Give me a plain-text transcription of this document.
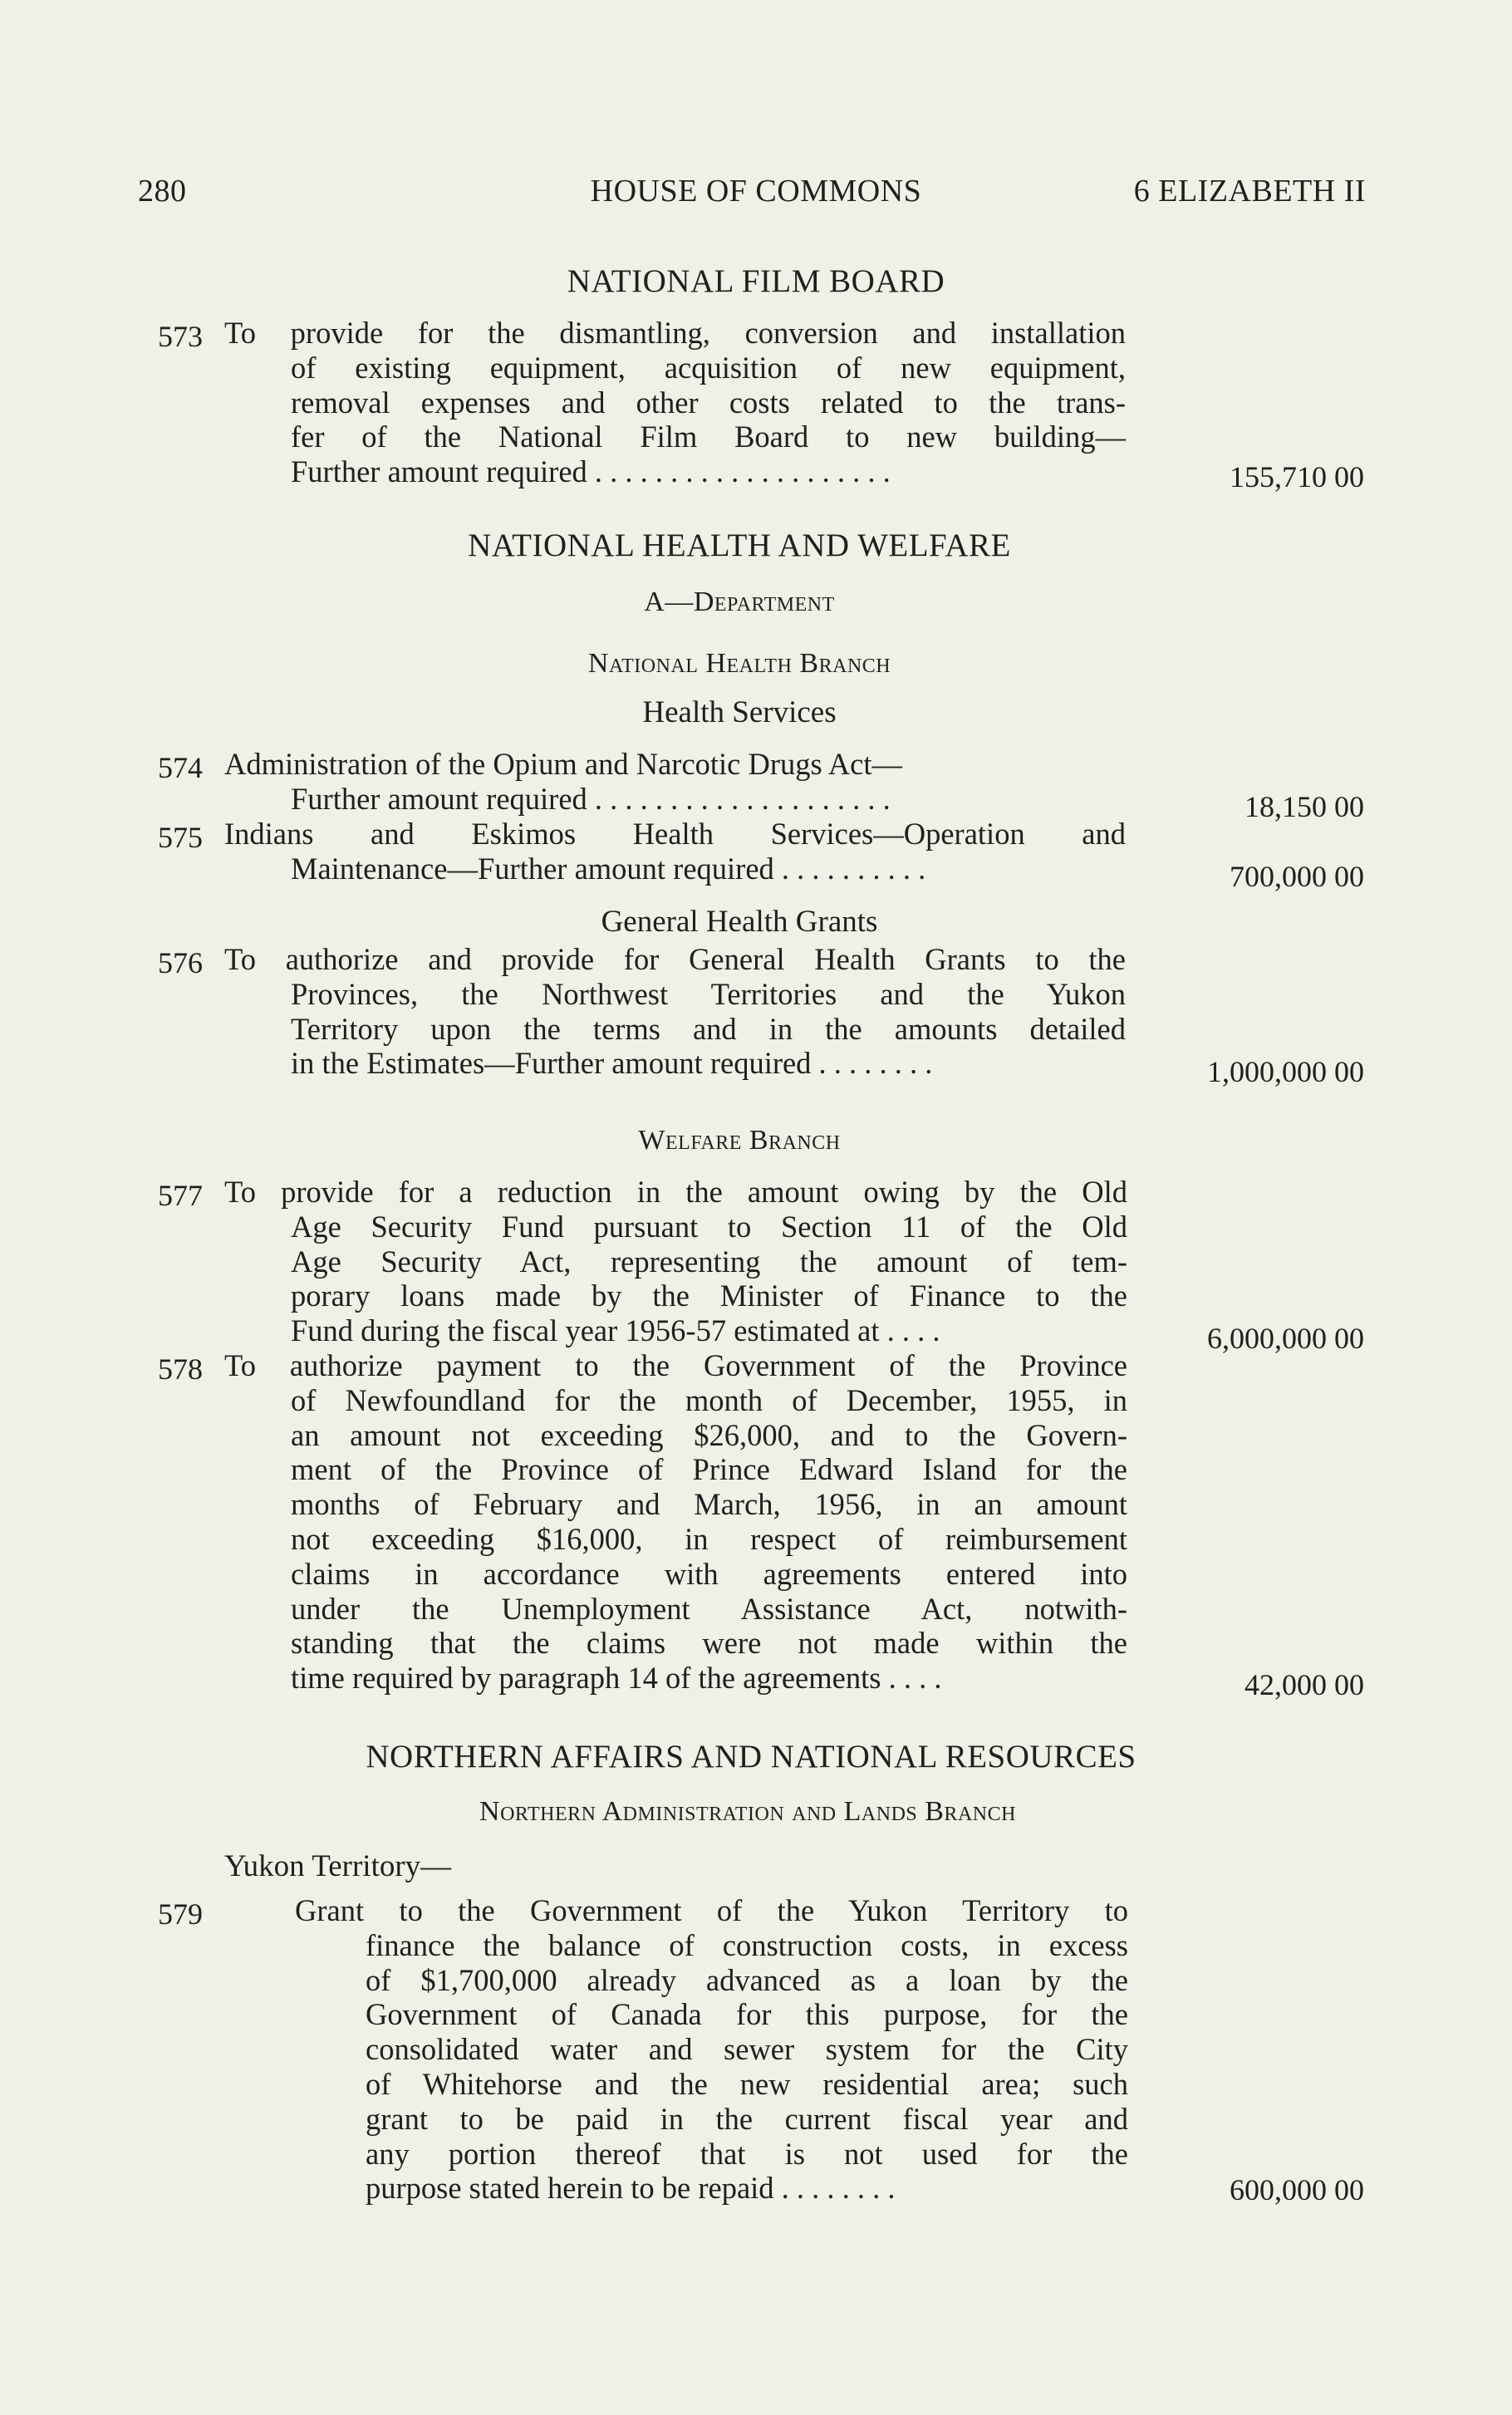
280	HOUSE OF COMMONS	6 ELIZABETH II
NATIONAL FILM BOARD
573 To provide for the dismantling, conversion and installation
of existing equipment, acquisition of new equipment,
removal expenses and other costs related to the trans-
fer of the National Film Board to new building—
Further amount required . . . . . . . . . . . . . . . . . . . .	155,710 00
NATIONAL HEALTH AND WELFARE
A—Department
National Health Branch
Health Services
574 Administration of the Opium and Narcotic Drugs Act—
Further amount required . . . . . . . . . . . . . . . . . . . .	18,150 00
575 Indians and Eskimos Health Services—Operation and
Maintenance—Further amount required . . . . . . . . . .	700,000 00
General Health Grants
576 To authorize and provide for General Health Grants to the
Provinces, the Northwest Territories and the Yukon
Territory upon the terms and in the amounts detailed
in the Estimates—Further amount required . . . . . . . .	1,000,000 00
Welfare Branch
577 To provide for a reduction in the amount owing by the Old
Age Security Fund pursuant to Section 11 of the Old
Age Security Act, representing the amount of tem-
porary loans made by the Minister of Finance to the
Fund during the fiscal year 1956-57 estimated at . . . .	6,000,000 00
578 To authorize payment to the Government of the Province
of Newfoundland for the month of December, 1955, in
an amount not exceeding $26,000, and to the Govern-
ment of the Province of Prince Edward Island for the
months of February and March, 1956, in an amount
not exceeding $16,000, in respect of reimbursement
claims in accordance with agreements entered into
under the Unemployment Assistance Act, notwith-
standing that the claims were not made within the
time required by paragraph 14 of the agreements . . . .	42,000 00
NORTHERN AFFAIRS AND NATIONAL RESOURCES
Northern Administration and Lands Branch
Yukon Territory—
579	Grant to the Government of the Yukon Territory to
finance the balance of construction costs, in excess
of $1,700,000 already advanced as a loan by the
Government of Canada for this purpose, for the
consolidated water and sewer system for the City
of Whitehorse and the new residential area; such
grant to be paid in the current fiscal year and
any portion thereof that is not used for the
purpose stated herein to be repaid . . . . . . . .	600,000 00
